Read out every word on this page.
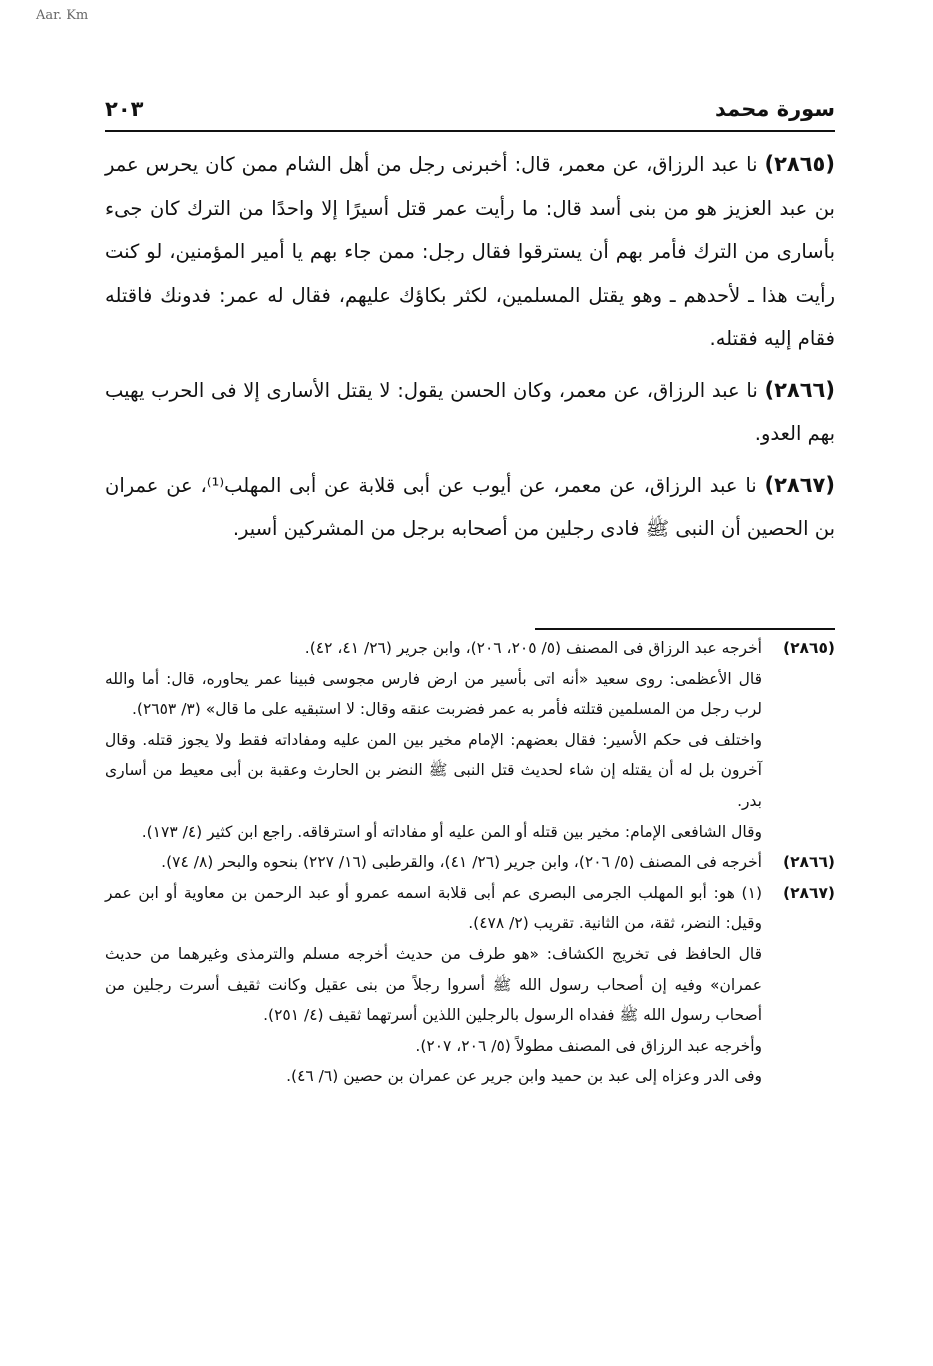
Aar. Km
سورة محمد
٢٠٣

(٢٨٦٥) نا عبد الرزاق، عن معمر، قال: أخبرنى رجل من أهل الشام ممن كان يحرس عمر بن عبد العزيز هو من بنى أسد قال: ما رأيت عمر قتل أسيرًا إلا واحدًا من الترك كان جىء بأسارى من الترك فأمر بهم أن يسترقوا فقال رجل: ممن جاء بهم يا أمير المؤمنين، لو كنت رأيت هذا ـ لأحدهم ـ وهو يقتل المسلمين، لكثر بكاؤك عليهم، فقال له عمر: فدونك فاقتله فقام إليه فقتله.

(٢٨٦٦) نا عبد الرزاق، عن معمر، وكان الحسن يقول: لا يقتل الأسارى إلا فى الحرب يهيب بهم العدو.

(٢٨٦٧) نا عبد الرزاق، عن معمر، عن أيوب عن أبى قلابة عن أبى المهلب⁽¹⁾، عن عمران بن الحصين أن النبى ﷺ فادى رجلين من أصحابه برجل من المشركين أسير.

(٢٨٦٥)

أخرجه عبد الرزاق فى المصنف (٥/ ٢٠٥، ٢٠٦)، وابن جرير (٢٦/ ٤١، ٤٢).

قال الأعظمى: روى سعيد «أنه اتى بأسير من ارض فارس مجوسى فبينا عمر يحاوره، قال: أما والله لرب رجل من المسلمين قتلته فأمر به عمر فضربت عنقه وقال: لا استبقيه على ما قال» (٣/ ٢٦٥٣).

واختلف فى حكم الأسير: فقال بعضهم: الإمام مخير بين المن عليه ومفاداته فقط ولا يجوز قتله. وقال آخرون بل له أن يقتله إن شاء لحديث قتل النبى ﷺ النضر بن الحارث وعقبة بن أبى معيط من أسارى بدر.

وقال الشافعى الإمام: مخير بين قتله أو المن عليه أو مفاداته أو استرقاقه. راجع ابن كثير (٤/ ١٧٣).

(٢٨٦٦)

أخرجه فى المصنف (٥/ ٢٠٦)، وابن جرير (٢٦/ ٤١)، والقرطبى (١٦/ ٢٢٧) بنحوه والبحر (٨/ ٧٤).

(٢٨٦٧)

(١) هو: أبو المهلب الجرمى البصرى عم أبى قلابة اسمه عمرو أو عبد الرحمن بن معاوية أو ابن عمر وقيل: النضر، ثقة، من الثانية. تقريب (٢/ ٤٧٨).

قال الحافظ فى تخريج الكشاف: «هو طرف من حديث أخرجه مسلم والترمذى وغيرهما من حديث عمران» وفيه إن أصحاب رسول الله ﷺ أسروا رجلاً من بنى عقيل وكانت ثقيف أسرت رجلين من أصحاب رسول الله ﷺ ففداه الرسول بالرجلين اللذين أسرتهما ثقيف (٤/ ٢٥١).

وأخرجه عبد الرزاق فى المصنف مطولاً (٥/ ٢٠٦، ٢٠٧).

وفى الدر وعزاه إلى عبد بن حميد وابن جرير عن عمران بن حصين (٦/ ٤٦).
